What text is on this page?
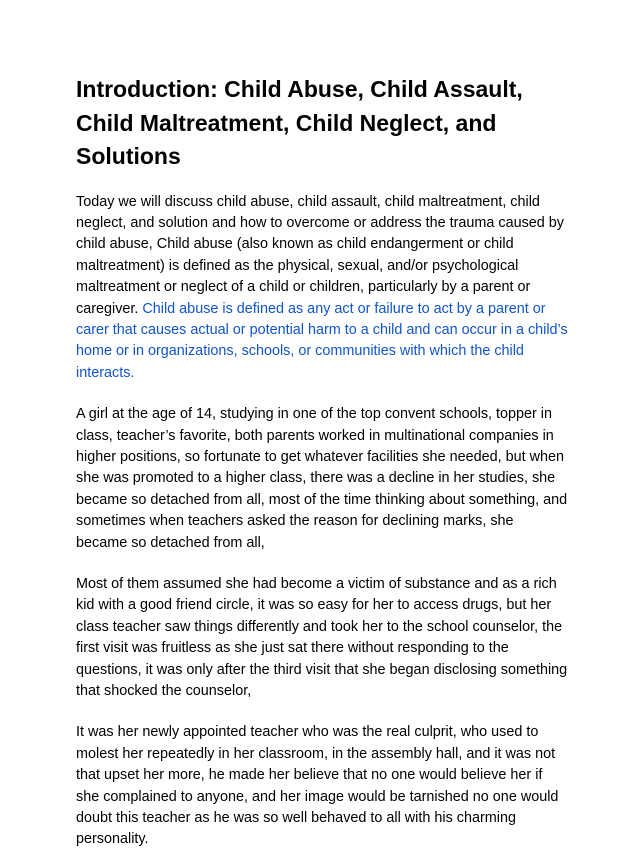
Introduction: Child Abuse, Child Assault, Child Maltreatment, Child Neglect, and Solutions

Today we will discuss child abuse, child assault, child maltreatment, child neglect, and solution and how to overcome or address the trauma caused by child abuse, Child abuse (also known as child endangerment or child maltreatment) is defined as the physical, sexual, and/or psychological maltreatment or neglect of a child or children, particularly by a parent or caregiver. Child abuse is defined as any act or failure to act by a parent or carer that causes actual or potential harm to a child and can occur in a child’s home or in organizations, schools, or communities with which the child interacts.

A girl at the age of 14, studying in one of the top convent schools, topper in class, teacher’s favorite, both parents worked in multinational companies in higher positions, so fortunate to get whatever facilities she needed, but when she was promoted to a higher class, there was a decline in her studies, she became so detached from all, most of the time thinking about something, and sometimes when teachers asked the reason for declining marks, she became so detached from all,

Most of them assumed she had become a victim of substance and as a rich kid with a good friend circle, it was so easy for her to access drugs, but her class teacher saw things differently and took her to the school counselor, the first visit was fruitless as she just sat there without responding to the questions, it was only after the third visit that she began disclosing something that shocked the counselor,

It was her newly appointed teacher who was the real culprit, who used to molest her repeatedly in her classroom, in the assembly hall, and it was not that upset her more, he made her believe that no one would believe her if she complained to anyone, and her image would be tarnished no one would doubt this teacher as he was so well behaved to all with his charming personality.
